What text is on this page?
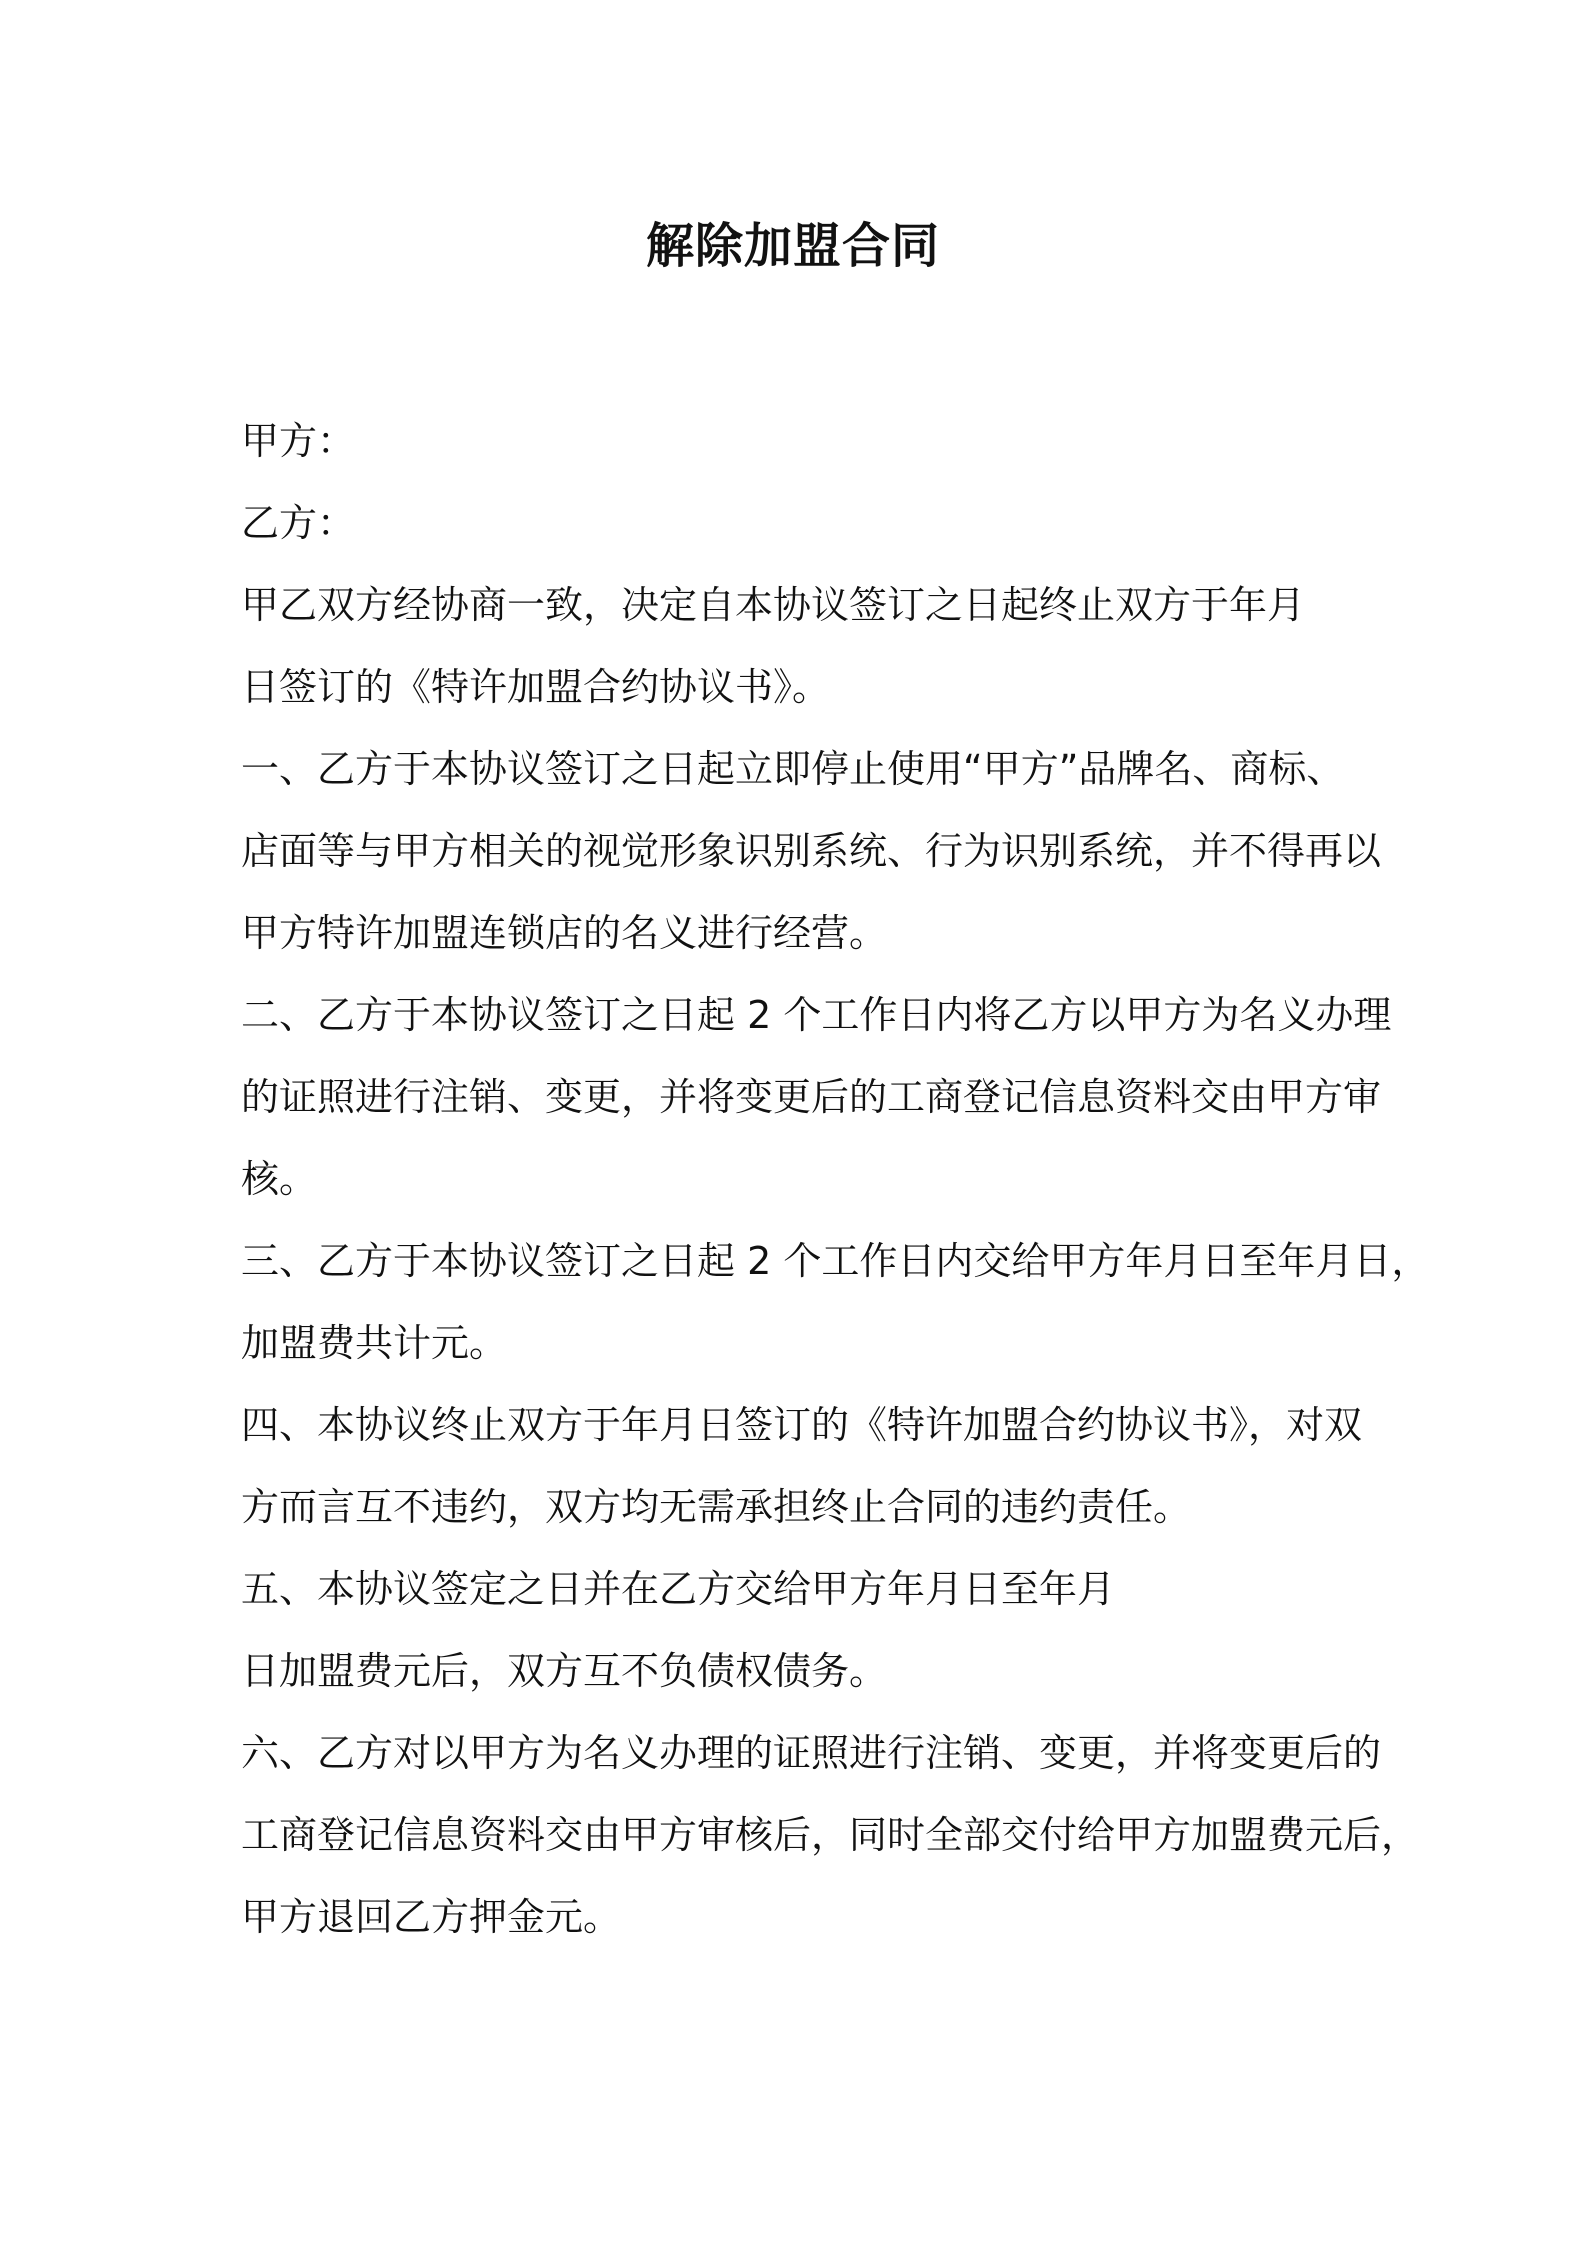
解除加盟合同
甲方：
乙方：
甲乙双方经协商一致，决定自本协议签订之日起终止双方于年月
日签订的《特许加盟合约协议书》。
一、乙方于本协议签订之日起立即停止使用“甲方”品牌名、商标、
店面等与甲方相关的视觉形象识别系统、行为识别系统，并不得再以
甲方特许加盟连锁店的名义进行经营。
二、乙方于本协议签订之日起 2 个工作日内将乙方以甲方为名义办理
的证照进行注销、变更，并将变更后的工商登记信息资料交由甲方审
核。
三、乙方于本协议签订之日起 2 个工作日内交给甲方年月日至年月日，
加盟费共计元。
四、本协议终止双方于年月日签订的《特许加盟合约协议书》，对双
方而言互不违约，双方均无需承担终止合同的违约责任。
五、本协议签定之日并在乙方交给甲方年月日至年月
日加盟费元后，双方互不负债权债务。
六、乙方对以甲方为名义办理的证照进行注销、变更，并将变更后的
工商登记信息资料交由甲方审核后，同时全部交付给甲方加盟费元后，
甲方退回乙方押金元。
